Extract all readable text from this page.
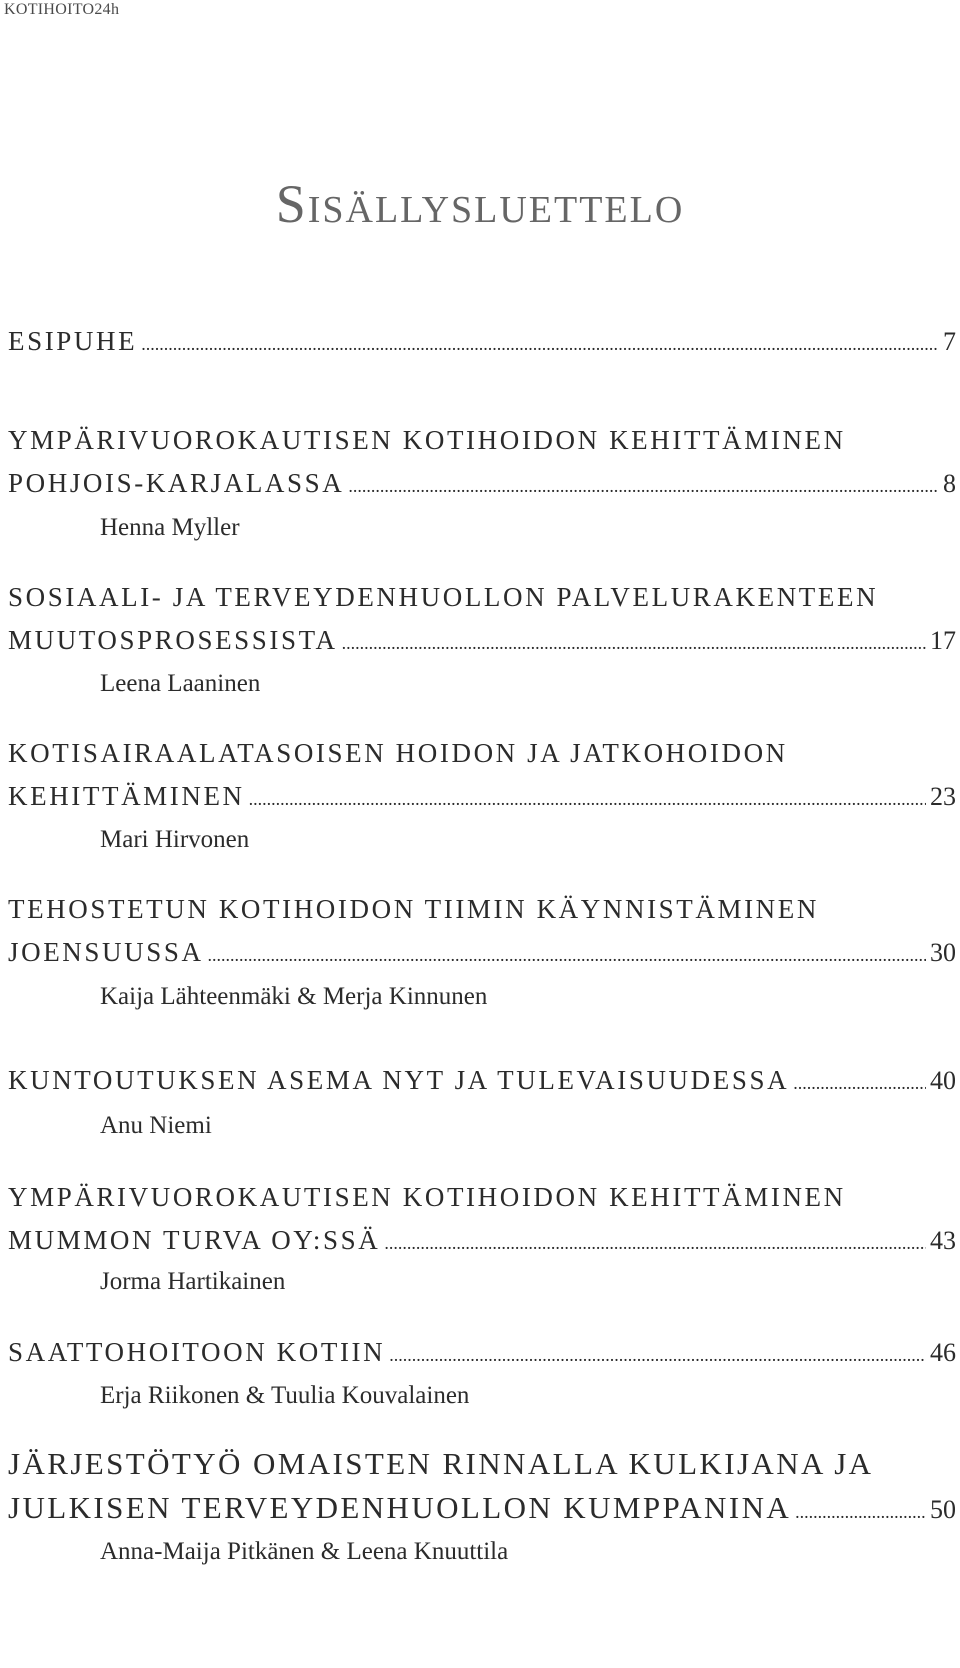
KOTIHOITO24h
Sisällysluettelo
ESIPUHE .....	7
YMPÄRIVUOROKAUTISEN KOTIHOIDON KEHITTÄMINEN
POHJOIS-KARJALASSA .....	8
Henna Myller
SOSIAALI- JA TERVEYDENHUOLLON PALVELURAKENTEEN
MUUTOSPROSESSISTA .....	17
Leena Laaninen
KOTISAIRAALATASOISEN HOIDON JA JATKOHOIDON
KEHITTÄMINEN .....	23
Mari Hirvonen
TEHOSTETUN KOTIHOIDON TIIMIN KÄYNNISTÄMINEN
JOENSUUSSA .....	30
Kaija Lähteenmäki & Merja Kinnunen
KUNTOUTUKSEN ASEMA NYT JA TULEVAISUUDESSA .....	40
Anu Niemi
YMPÄRIVUOROKAUTISEN KOTIHOIDON KEHITTÄMINEN
MUMMON TURVA OY:SSÄ .....	43
Jorma Hartikainen
SAATTOHOITOON KOTIIN .....	46
Erja Riikonen & Tuulia Kouvalainen
JÄRJESTÖTYÖ OMAISTEN RINNALLA KULKIJANA JA
JULKISEN TERVEYDENHUOLLON KUMPPANINA .....	50
Anna-Maija Pitkänen & Leena Knuuttila
